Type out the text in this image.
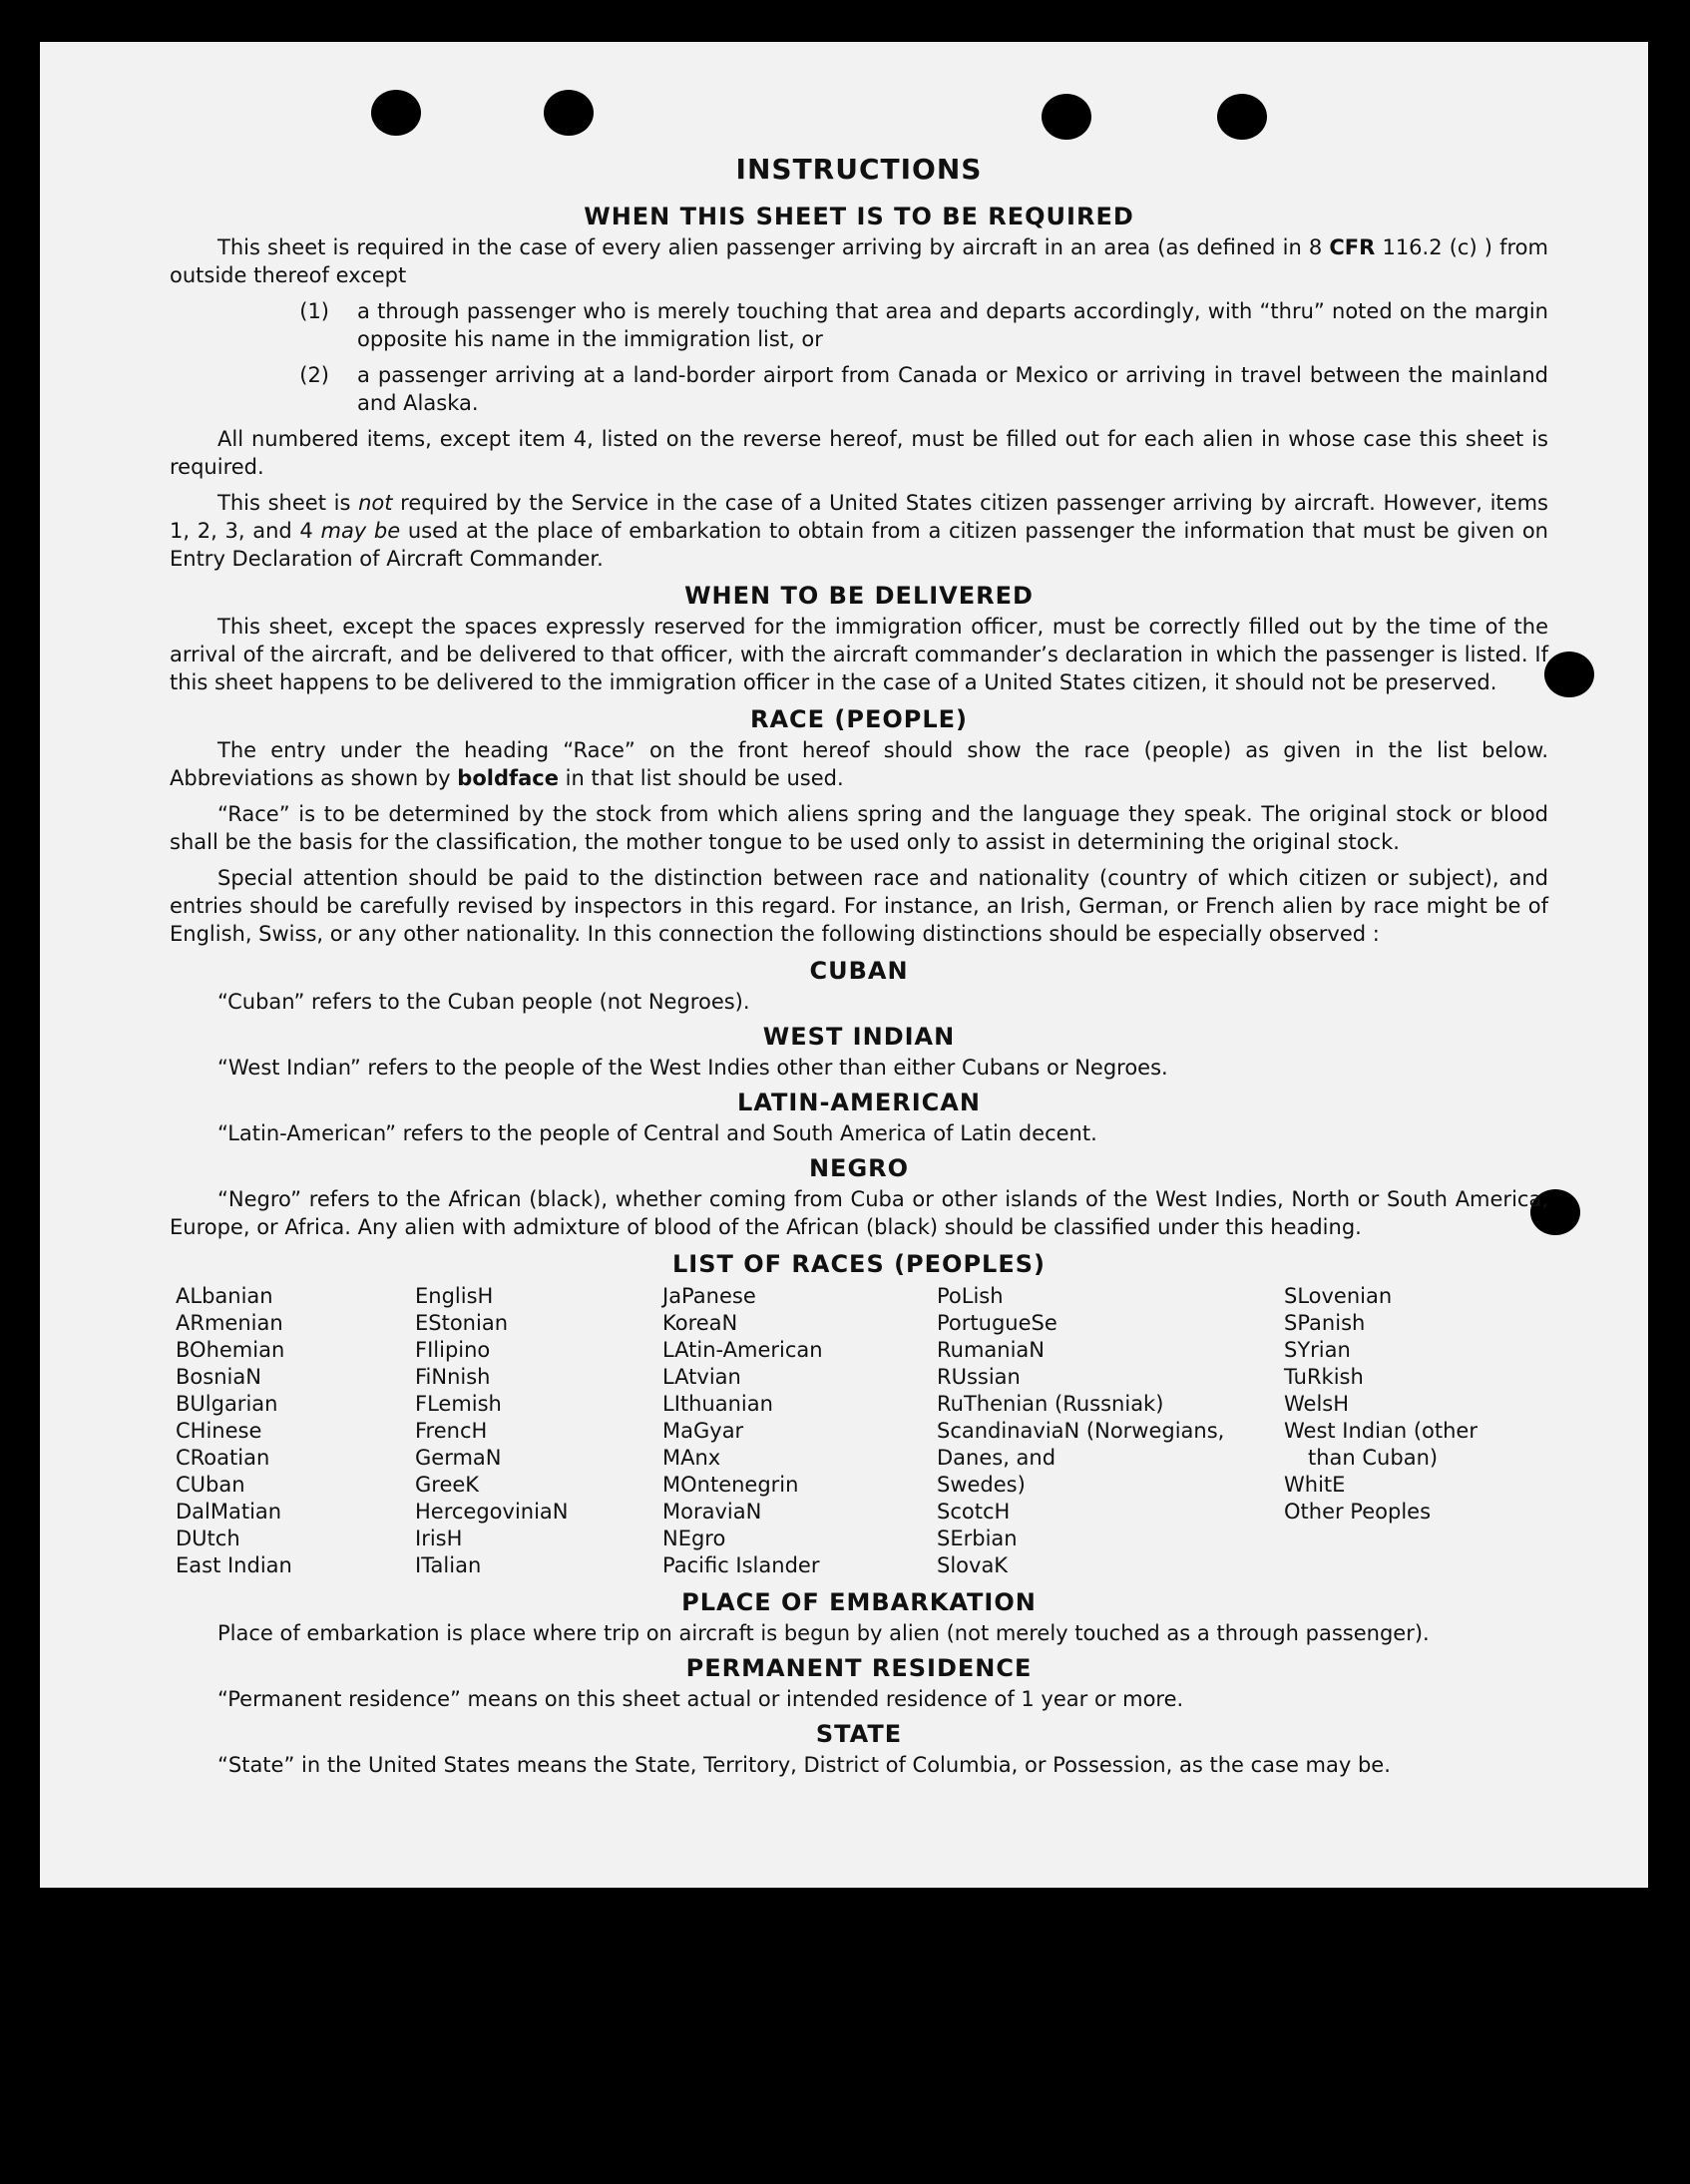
INSTRUCTIONS
WHEN THIS SHEET IS TO BE REQUIRED

This sheet is required in the case of every alien passenger arriving by aircraft in an area (as defined in 8 CFR 116.2 (c) ) from outside thereof except

(1)	a through passenger who is merely touching that area and departs accordingly, with “thru” noted on the margin opposite his name in the immigration list, or
(2)	a passenger arriving at a land-border airport from Canada or Mexico or arriving in travel between the mainland and Alaska.

All numbered items, except item 4, listed on the reverse hereof, must be filled out for each alien in whose case this sheet is required.

This sheet is not required by the Service in the case of a United States citizen passenger arriving by aircraft. However, items 1, 2, 3, and 4 may be used at the place of embarkation to obtain from a citizen passenger the information that must be given on Entry Declaration of Aircraft Commander.

WHEN TO BE DELIVERED

This sheet, except the spaces expressly reserved for the immigration officer, must be correctly filled out by the time of the arrival of the aircraft, and be delivered to that officer, with the aircraft commander’s declaration in which the passenger is listed. If this sheet happens to be delivered to the immigration officer in the case of a United States citizen, it should not be preserved.

RACE (PEOPLE)

The entry under the heading “Race” on the front hereof should show the race (people) as given in the list below. Abbreviations as shown by boldface in that list should be used.

“Race” is to be determined by the stock from which aliens spring and the language they speak. The original stock or blood shall be the basis for the classification, the mother tongue to be used only to assist in determining the original stock.

Special attention should be paid to the distinction between race and nationality (country of which citizen or subject), and entries should be carefully revised by inspectors in this regard. For instance, an Irish, German, or French alien by race might be of English, Swiss, or any other nationality. In this connection the following distinctions should be especially observed :

CUBAN
“Cuban” refers to the Cuban people (not Negroes).
WEST INDIAN
“West Indian” refers to the people of the West Indies other than either Cubans or Negroes.
LATIN-AMERICAN
“Latin-American” refers to the people of Central and South America of Latin decent.
NEGRO

“Negro” refers to the African (black), whether coming from Cuba or other islands of the West Indies, North or South America, Europe, or Africa. Any alien with admixture of blood of the African (black) should be classified under this heading.

LIST OF RACES (PEOPLES)
ALbanian
ARmenian
BOhemian
BosniaN
BUlgarian
CHinese
CRoatian
CUban
DalMatian
DUtch
East Indian
EnglisH
EStonian
FIlipino
FiNnish
FLemish
FrencH
GermaN
GreeK
HercegoviniaN
IrisH
ITalian
JaPanese
KoreaN
LAtin-American
LAtvian
LIthuanian
MaGyar
MAnx
MOntenegrin
MoraviaN
NEgro
Pacific Islander
PoLish
PortugueSe
RumaniaN
RUssian
RuThenian (Russniak)
ScandinaviaN (Norwegians,
Danes, and
Swedes)
ScotcH
SErbian
SlovaK
SLovenian
SPanish
SYrian
TuRkish
WelsH
West Indian (other
than Cuban)
WhitE
Other Peoples
PLACE OF EMBARKATION
Place of embarkation is place where trip on aircraft is begun by alien (not merely touched as a through passenger).
PERMANENT RESIDENCE
“Permanent residence” means on this sheet actual or intended residence of 1 year or more.
STATE
“State” in the United States means the State, Territory, District of Columbia, or Possession, as the case may be.
